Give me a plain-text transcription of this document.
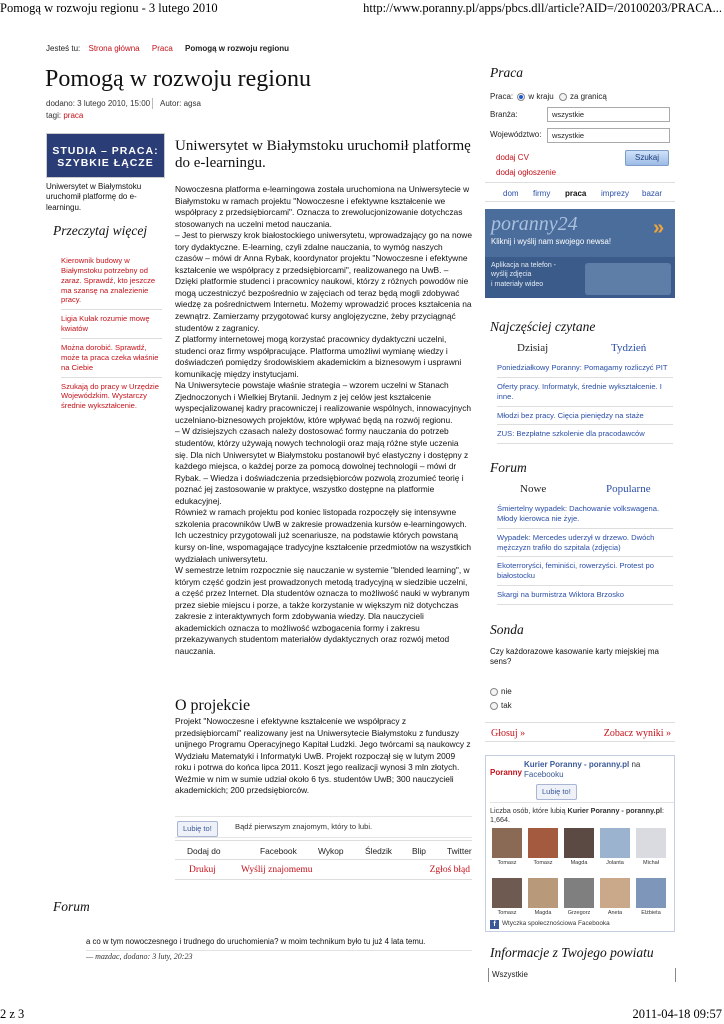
Pomogą w rozwoju regionu - 3 lutego 2010	http://www.poranny.pl/apps/pbcs.dll/article?AID=/20100203/PRACA...
2 z 3	2011-04-18 09:57
Jesteś tu: Strona główna Praca Pomogą w rozwoju regionu
Pomogą w rozwoju regionu
dodano: 3 lutego 2010, 15:00 Autor: agsa
tagi: praca
STUDIA – PRACA:
SZYBKIE ŁĄCZE
Uniwersytet w Białymstoku uruchomił platformę do e-learningu.
Przeczytaj więcej
Kierownik budowy w Białymstoku potrzebny od zaraz. Sprawdź, kto jeszcze ma szansę na znalezienie pracy.
Ligia Kułak rozumie mowę kwiatów
Można dorobić. Sprawdź, może ta praca czeka właśnie na Ciebie
Szukają do pracy w Urzędzie Wojewódzkim. Wystarczy średnie wykształcenie.
Uniwersytet w Białymstoku uruchomił platformę do e-learningu.

Nowoczesna platforma e-learningowa została uruchomiona na Uniwersytecie w Białymstoku w ramach projektu "Nowoczesne i efektywne kształcenie we współpracy z przedsiębiorcami". Oznacza to zrewolucjonizowanie dotychczas stosowanych na uczelni metod nauczania.

– Jest to pierwszy krok białostockiego uniwersytetu, wprowadzający go na nowe tory dydaktyczne. E-learning, czyli zdalne nauczania, to wymóg naszych czasów – mówi dr Anna Rybak, koordynator projektu "Nowoczesne i efektywne kształcenie we współpracy z przedsiębiorcami", realizowanego na UwB. – Dzięki platformie studenci i pracownicy naukowi, którzy z różnych powodów nie mogą uczestniczyć bezpośrednio w zajęciach od teraz będą mogli zdobywać wiedzę za pośrednictwem Internetu. Możemy wprowadzić proces kształcenia na zewnątrz. Zamierzamy przygotować kursy anglojęzyczne, żeby przyciągnąć studentów z zagranicy.

Z platformy internetowej mogą korzystać pracownicy dydaktyczni uczelni, studenci oraz firmy współpracujące. Platforma umożliwi wymianę wiedzy i doświadczeń pomiędzy środowiskiem akademickim a biznesowym i usprawni komunikację między instytucjami.

Na Uniwersytecie powstaje właśnie strategia – wzorem uczelni w Stanach Zjednoczonych i Wielkiej Brytanii. Jednym z jej celów jest kształcenie wyspecjalizowanej kadry pracowniczej i realizowanie wspólnych, innowacyjnych uczelniano-biznesowych projektów, które wpływać będą na rozwój regionu.

– W dzisiejszych czasach należy dostosować formy nauczania do potrzeb studentów, którzy używają nowych technologii oraz mają różne style uczenia się. Dla nich Uniwersytet w Białymstoku postanowił być elastyczny i dostępny z każdego miejsca, o każdej porze za pomocą dowolnej technologii – mówi dr Rybak. – Wiedza i doświadczenia przedsiębiorców pozwolą zrozumieć teorię i poznać jej zastosowanie w praktyce, wszystko dostępne na platformie edukacyjnej.

Również w ramach projektu pod koniec listopada rozpoczęły się intensywne szkolenia pracowników UwB w zakresie prowadzenia kursów e-learningowych. Ich uczestnicy przygotowali już scenariusze, na podstawie których powstaną kursy on-line, wspomagające tradycyjne kształcenie przedmiotów na wszystkich wydziałach uniwersytetu.

W semestrze letnim rozpocznie się nauczanie w systemie "blended learning", w którym część godzin jest prowadzonych metodą tradycyjną w siedzibie uczelni, a część przez Internet. Dla studentów oznacza to możliwość nauki w wybranym przez siebie miejscu i porze, a także korzystanie w większym niż dotychczas zakresie z interaktywnych form zdobywania wiedzy. Dla nauczycieli akademickich oznacza to możliwość wzbogacenia formy i zakresu przekazywanych studentom materiałów dydaktycznych oraz rozwój metod nauczania.

O projekcie
Projekt "Nowoczesne i efektywne kształcenie we współpracy z przedsiębiorcami" realizowany jest na Uniwersytecie Białymstoku z funduszy unijnego Programu Operacyjnego Kapitał Ludzki. Jego twórcami są naukowcy z Wydziału Matematyki i Informatyki UwB. Projekt rozpoczął się w lutym 2009 roku i potrwa do końca lipca 2011. Koszt jego realizacji wynosi 3 mln złotych. Weźmie w nim w sumie udział około 6 tys. studentów UwB; 300 nauczycieli akademickich; 200 przedsiębiorców.
Lubię to!	Bądź pierwszym znajomym, który to lubi.
Dodaj do	Facebook	Wykop	Śledzik Blip	Twitter
Drukuj	Wyślij znajomemu	Zgłoś błąd
Forum
a co w tym nowoczesnego i trudnego do uruchomienia? w moim technikum było tu już 4 lata temu.
— mazdac, dodano: 3 luty, 20:23
Praca
Praca: w kraju za granicą
Branża:	wszystkie
Województwo:	wszystkie
dodaj CV
dodaj ogłoszenie
Szukaj
dom firmy praca imprezy bazar
poranny24
Kliknij i wyślij nam swojego newsa!
»
Aplikacja na telefon -
wyślij zdjęcia
i materiały wideo
Najczęściej czytane
Dzisiaj	Tydzień
Poniedziałkowy Poranny: Pomagamy rozliczyć PIT
Oferty pracy. Informatyk, średnie wykształcenie. I inne.
Młodzi bez pracy. Cięcia pieniędzy na staże
ZUS: Bezpłatne szkolenie dla pracodawców
Forum
Nowe	Popularne
Śmiertelny wypadek: Dachowanie volkswagena. Młody kierowca nie żyje.
Wypadek: Mercedes uderzył w drzewo. Dwóch mężczyzn trafiło do szpitala (zdjęcia)
Ekoterroryści, feminiści, rowerzyści. Protest po białostocku
Skargi na burmistrza Wiktora Brzosko
Sonda
Czy każdorazowe kasowanie karty miejskiej ma sens?
nie
tak
Głosuj »	Zobacz wyniki »
Poranny
Kurier Poranny - poranny.pl na Facebooku
Lubię to!
Liczba osób, które lubią Kurier Poranny - poranny.pl: 1,664.
Tomasz	Tomasz	Magda	Jolanta	Michał
Tomasz	Magda	Grzegorz	Aneta	Elżbieta
f Wtyczka społecznościowa Facebooka
Informacje z Twojego powiatu
Wszystkie
